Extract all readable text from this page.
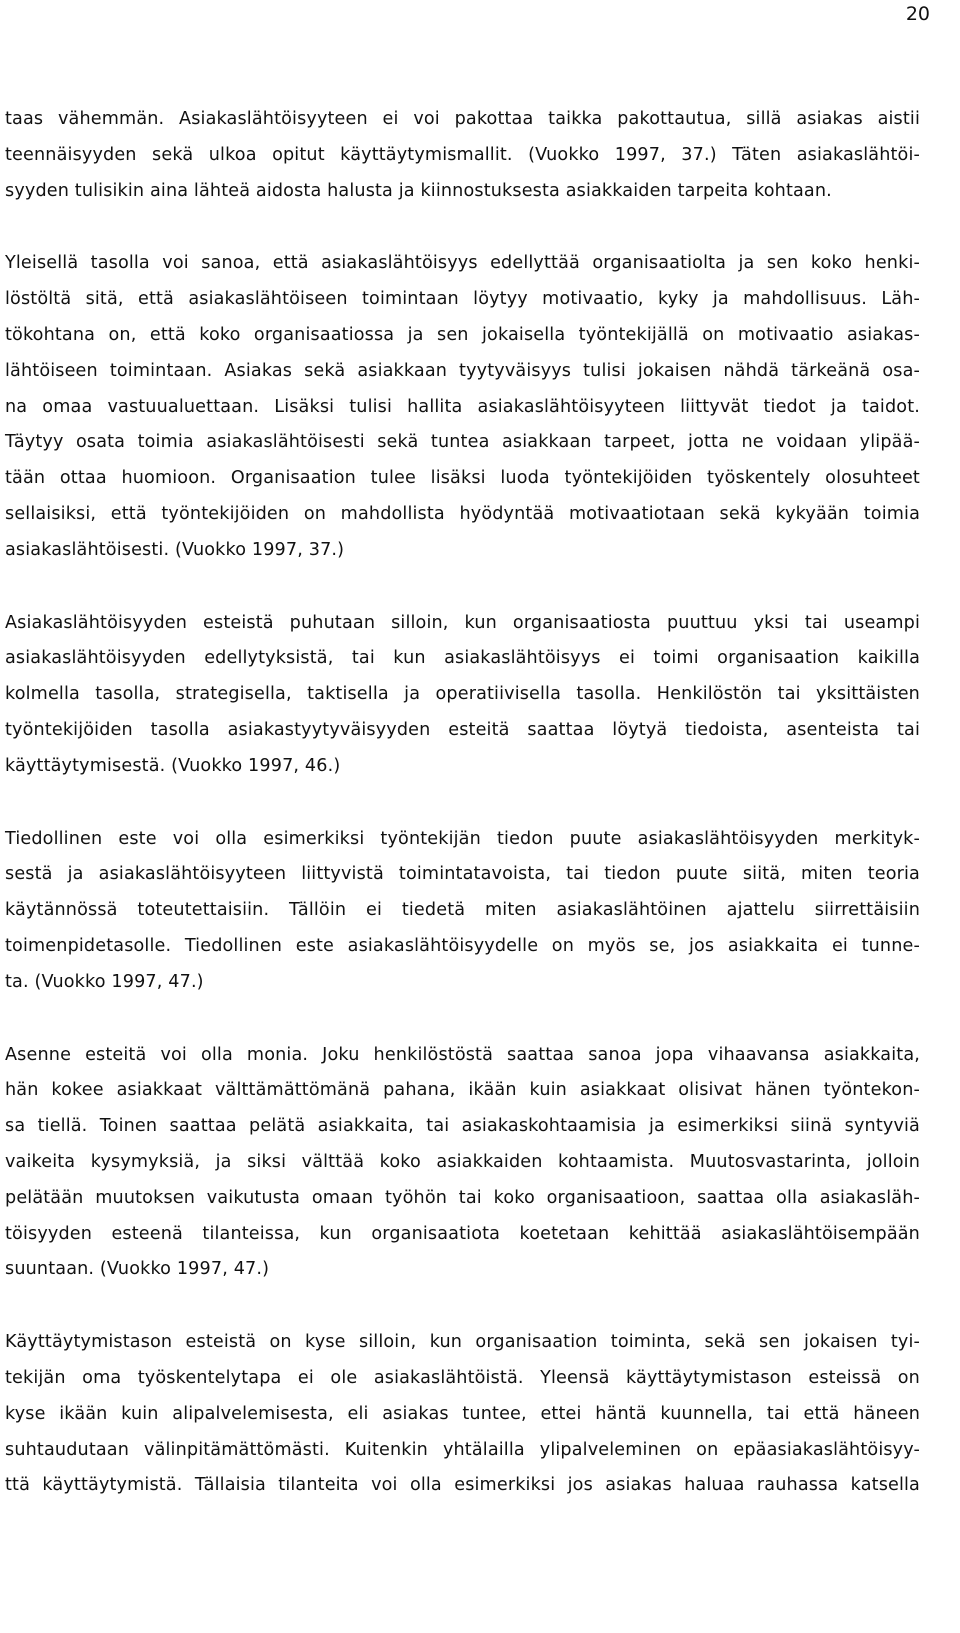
20
taas vähemmän. Asiakaslähtöisyyteen ei voi pakottaa taikka pakottautua, sillä asiakas aistii
teennäisyyden sekä ulkoa opitut käyttäytymismallit. (Vuokko 1997, 37.) Täten asiakaslähtöi-
syyden tulisikin aina lähteä aidosta halusta ja kiinnostuksesta asiakkaiden tarpeita kohtaan.
Yleisellä tasolla voi sanoa, että asiakaslähtöisyys edellyttää organisaatiolta ja sen koko henki-
löstöltä sitä, että asiakaslähtöiseen toimintaan löytyy motivaatio, kyky ja mahdollisuus. Läh-
tökohtana on, että koko organisaatiossa ja sen jokaisella työntekijällä on motivaatio asiakas-
lähtöiseen toimintaan. Asiakas sekä asiakkaan tyytyväisyys tulisi jokaisen nähdä tärkeänä osa-
na omaa vastuualuettaan. Lisäksi tulisi hallita asiakaslähtöisyyteen liittyvät tiedot ja taidot.
Täytyy osata toimia asiakaslähtöisesti sekä tuntea asiakkaan tarpeet, jotta ne voidaan ylipää-
tään ottaa huomioon. Organisaation tulee lisäksi luoda työntekijöiden työskentely olosuhteet
sellaisiksi, että työntekijöiden on mahdollista hyödyntää motivaatiotaan sekä kykyään toimia
asiakaslähtöisesti. (Vuokko 1997, 37.)
Asiakaslähtöisyyden esteistä puhutaan silloin, kun organisaatiosta puuttuu yksi tai useampi
asiakaslähtöisyyden edellytyksistä, tai kun asiakaslähtöisyys ei toimi organisaation kaikilla
kolmella tasolla, strategisella, taktisella ja operatiivisella tasolla. Henkilöstön tai yksittäisten
työntekijöiden tasolla asiakastyytyväisyyden esteitä saattaa löytyä tiedoista, asenteista tai
käyttäytymisestä. (Vuokko 1997, 46.)
Tiedollinen este voi olla esimerkiksi työntekijän tiedon puute asiakaslähtöisyyden merkityk-
sestä ja asiakaslähtöisyyteen liittyvistä toimintatavoista, tai tiedon puute siitä, miten teoria
käytännössä toteutettaisiin. Tällöin ei tiedetä miten asiakaslähtöinen ajattelu siirrettäisiin
toimenpidetasolle. Tiedollinen este asiakaslähtöisyydelle on myös se, jos asiakkaita ei tunne-
ta. (Vuokko 1997, 47.)
Asenne esteitä voi olla monia. Joku henkilöstöstä saattaa sanoa jopa vihaavansa asiakkaita,
hän kokee asiakkaat välttämättömänä pahana, ikään kuin asiakkaat olisivat hänen työntekon-
sa tiellä. Toinen saattaa pelätä asiakkaita, tai asiakaskohtaamisia ja esimerkiksi siinä syntyviä
vaikeita kysymyksiä, ja siksi välttää koko asiakkaiden kohtaamista. Muutosvastarinta, jolloin
pelätään muutoksen vaikutusta omaan työhön tai koko organisaatioon, saattaa olla asiakasläh-
töisyyden esteenä tilanteissa, kun organisaatiota koetetaan kehittää asiakaslähtöisempään
suuntaan. (Vuokko 1997, 47.)
Käyttäytymistason esteistä on kyse silloin, kun organisaation toiminta, sekä sen jokaisen tyi-
tekijän oma työskentelytapa ei ole asiakaslähtöistä. Yleensä käyttäytymistason esteissä on
kyse ikään kuin alipalvelemisesta, eli asiakas tuntee, ettei häntä kuunnella, tai että häneen
suhtaudutaan välinpitämättömästi. Kuitenkin yhtälailla ylipalveleminen on epäasiakaslähtöisyy-
ttä käyttäytymistä. Tällaisia tilanteita voi olla esimerkiksi jos asiakas haluaa rauhassa katsella
